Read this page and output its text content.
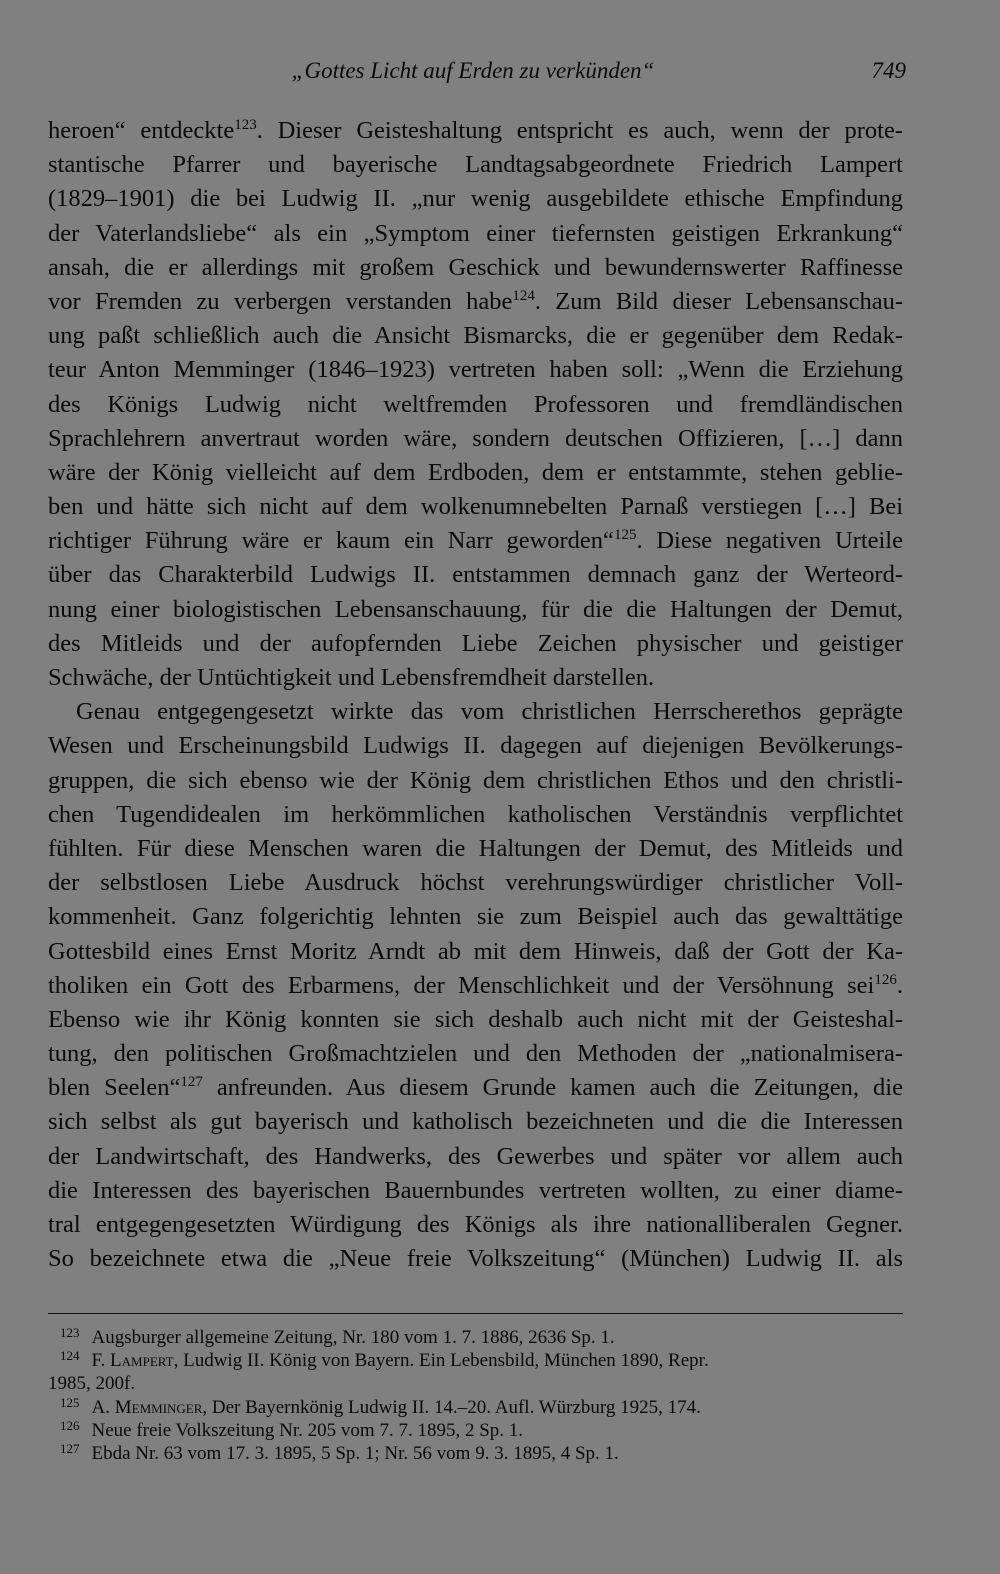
„Gottes Licht auf Erden zu verkünden“	749
heroen“ entdeckte$^{123}$. Dieser Geisteshaltung entspricht es auch, wenn der prote-
stantische Pfarrer und bayerische Landtagsabgeordnete Friedrich Lampert
(1829–1901) die bei Ludwig II. „nur wenig ausgebildete ethische Empfindung
der Vaterlandsliebe“ als ein „Symptom einer tiefernsten geistigen Erkrankung“
ansah, die er allerdings mit großem Geschick und bewundernswerter Raffinesse
vor Fremden zu verbergen verstanden habe$^{124}$. Zum Bild dieser Lebensanschau-
ung paßt schließlich auch die Ansicht Bismarcks, die er gegenüber dem Redak-
teur Anton Memminger (1846–1923) vertreten haben soll: „Wenn die Erziehung
des Königs Ludwig nicht weltfremden Professoren und fremdländischen
Sprachlehrern anvertraut worden wäre, sondern deutschen Offizieren, […] dann
wäre der König vielleicht auf dem Erdboden, dem er entstammte, stehen geblie-
ben und hätte sich nicht auf dem wolkenumnebelten Parnaß verstiegen […] Bei
richtiger Führung wäre er kaum ein Narr geworden“$^{125}$. Diese negativen Urteile
über das Charakterbild Ludwigs II. entstammen demnach ganz der Werteord-
nung einer biologistischen Lebensanschauung, für die die Haltungen der Demut,
des Mitleids und der aufopfernden Liebe Zeichen physischer und geistiger
Schwäche, der Untüchtigkeit und Lebensfremdheit darstellen.
Genau entgegengesetzt wirkte das vom christlichen Herrscherethos geprägte
Wesen und Erscheinungsbild Ludwigs II. dagegen auf diejenigen Bevölkerungs-
gruppen, die sich ebenso wie der König dem christlichen Ethos und den christli-
chen Tugendidealen im herkömmlichen katholischen Verständnis verpflichtet
fühlten. Für diese Menschen waren die Haltungen der Demut, des Mitleids und
der selbstlosen Liebe Ausdruck höchst verehrungswürdiger christlicher Voll-
kommenheit. Ganz folgerichtig lehnten sie zum Beispiel auch das gewalttätige
Gottesbild eines Ernst Moritz Arndt ab mit dem Hinweis, daß der Gott der Ka-
tholiken ein Gott des Erbarmens, der Menschlichkeit und der Versöhnung sei$^{126}$.
Ebenso wie ihr König konnten sie sich deshalb auch nicht mit der Geisteshal-
tung, den politischen Großmachtzielen und den Methoden der „nationalmisera-
blen Seelen“$^{127}$ anfreunden. Aus diesem Grunde kamen auch die Zeitungen, die
sich selbst als gut bayerisch und katholisch bezeichneten und die die Interessen
der Landwirtschaft, des Handwerks, des Gewerbes und später vor allem auch
die Interessen des bayerischen Bauernbundes vertreten wollten, zu einer diame-
tral entgegengesetzten Würdigung des Königs als ihre nationalliberalen Gegner.
So bezeichnete etwa die „Neue freie Volkszeitung“ (München) Ludwig II. als
$^{123}$ Augsburger allgemeine Zeitung, Nr. 180 vom 1. 7. 1886, 2636 Sp. 1.
$^{124}$ F. Lampert, Ludwig II. König von Bayern. Ein Lebensbild, München 1890, Repr.
1985, 200f.
$^{125}$ A. Memminger, Der Bayernkönig Ludwig II. 14.–20. Aufl. Würzburg 1925, 174.
$^{126}$ Neue freie Volkszeitung Nr. 205 vom 7. 7. 1895, 2 Sp. 1.
$^{127}$ Ebda Nr. 63 vom 17. 3. 1895, 5 Sp. 1; Nr. 56 vom 9. 3. 1895, 4 Sp. 1.
